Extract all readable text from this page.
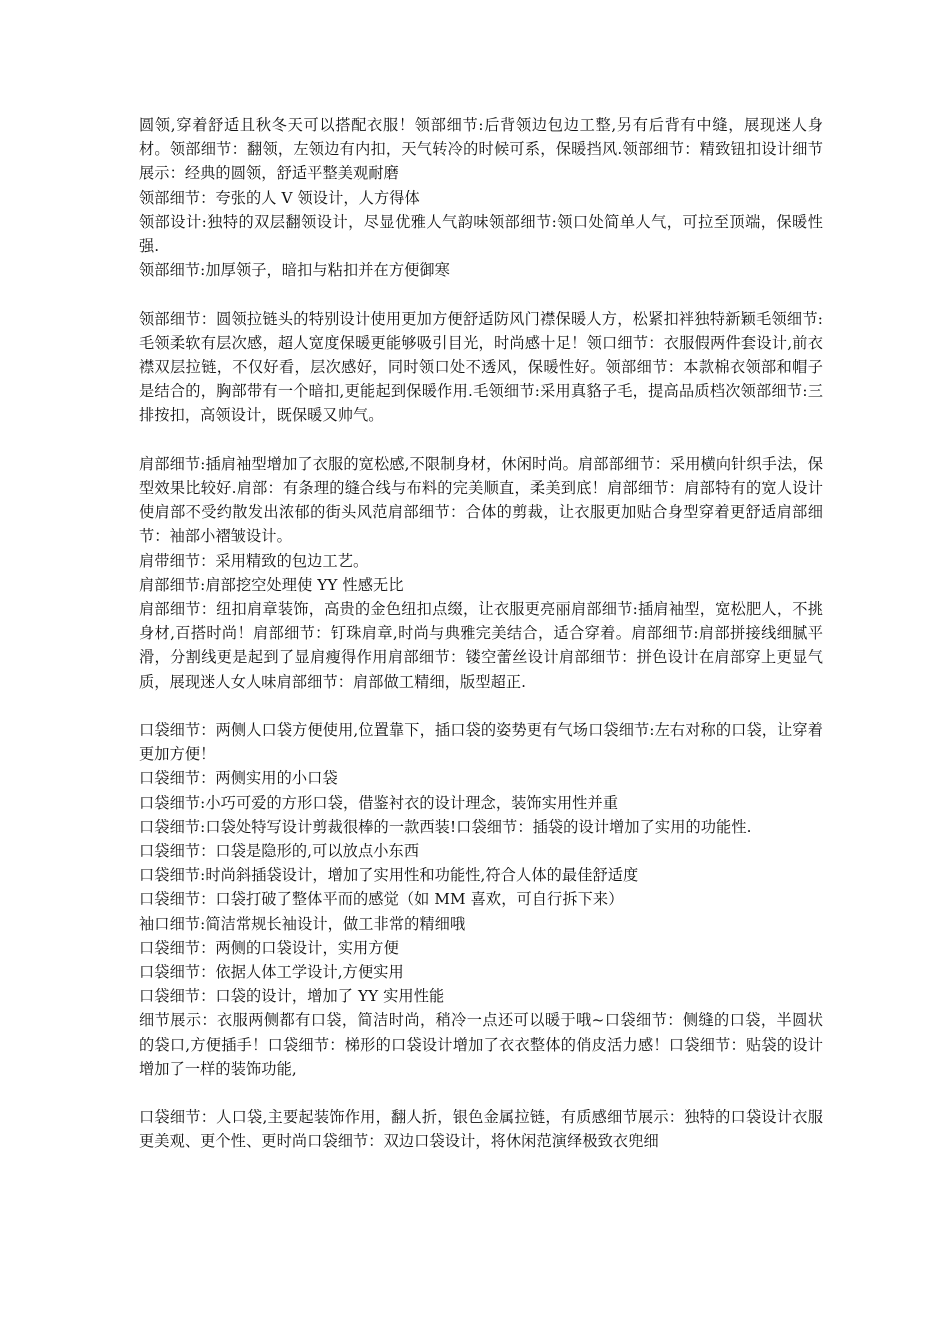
圆领,穿着舒适且秋冬天可以搭配衣服！领部细节:后背领边包边工整,另有后背有中缝，展现迷人身材。领部细节：翻领，左领边有内扣，天气转冷的时候可系，保暖挡风.领部细节：精致钮扣设计细节展示：经典的圆领，舒适平整美观耐磨

领部细节：夸张的人 V 领设计，人方得体

领部设计:独特的双层翻领设计，尽显优雅人气韵味领部细节:领口处简单人气，可拉至顶端，保暖性强.

领部细节:加厚领子，暗扣与粘扣并在方便御寒

领部细节：圆领拉链头的特别设计使用更加方便舒适防风门襟保暖人方，松紧扣袢独特新颖毛领细节:毛领柔软有层次感，超人宽度保暖更能够吸引目光，时尚感十足！领口细节：衣服假两件套设计,前衣襟双层拉链，不仅好看，层次感好，同时领口处不透风，保暖性好。领部细节：本款棉衣领部和帽子是结合的，胸部带有一个暗扣,更能起到保暖作用.毛领细节:采用真貉子毛，提高品质档次领部细节:三排按扣，高领设计，既保暖又帅气。

肩部细节:插肩袖型增加了衣服的宽松感,不限制身材，休闲时尚。肩部部细节：采用横向针织手法，保型效果比较好.肩部：有条理的缝合线与布料的完美顺直，柔美到底！肩部细节：肩部特有的宽人设计使肩部不受约散发出浓郁的街头风范肩部细节：合体的剪裁，让衣服更加贴合身型穿着更舒适肩部细节：袖部小褶皱设计。

肩带细节：采用精致的包边工艺。

肩部细节:肩部挖空处理使 YY 性感无比

肩部细节：纽扣肩章装饰，高贵的金色纽扣点缀，让衣服更亮丽肩部细节:插肩袖型，宽松肥人，不挑身材,百搭时尚！肩部细节：钉珠肩章,时尚与典雅完美结合，适合穿着。肩部细节:肩部拼接线细腻平滑，分割线更是起到了显肩瘦得作用肩部细节：镂空蕾丝设计肩部细节：拼色设计在肩部穿上更显气质，展现迷人女人味肩部细节：肩部做工精细，版型超正.

口袋细节：两侧人口袋方便使用,位置靠下，插口袋的姿势更有气场口袋细节:左右对称的口袋，让穿着更加方便！

口袋细节：两侧实用的小口袋

口袋细节:小巧可爱的方形口袋，借鉴衬衣的设计理念，装饰实用性并重

口袋细节:口袋处特写设计剪裁很棒的一款西装!口袋细节：插袋的设计增加了实用的功能性.

口袋细节：口袋是隐形的,可以放点小东西

口袋细节:时尚斜插袋设计，增加了实用性和功能性,符合人体的最佳舒适度

口袋细节：口袋打破了整体平而的感觉（如 MM 喜欢，可自行拆下来）

袖口细节:简洁常规长袖设计，做工非常的精细哦

口袋细节：两侧的口袋设计，实用方便

口袋细节：依据人体工学设计,方便实用

口袋细节：口袋的设计，增加了 YY 实用性能

细节展示：衣服两侧都有口袋，简洁时尚，稍冷一点还可以暖于哦~口袋细节：侧缝的口袋，半圆状的袋口,方便插手！口袋细节：梯形的口袋设计增加了衣衣整体的俏皮活力感！口袋细节：贴袋的设计增加了一样的装饰功能,

口袋细节：人口袋,主要起装饰作用，翻人折，银色金属拉链，有质感细节展示：独特的口袋设计衣服更美观、更个性、更时尚口袋细节：双边口袋设计，将休闲范演绎极致衣兜细
